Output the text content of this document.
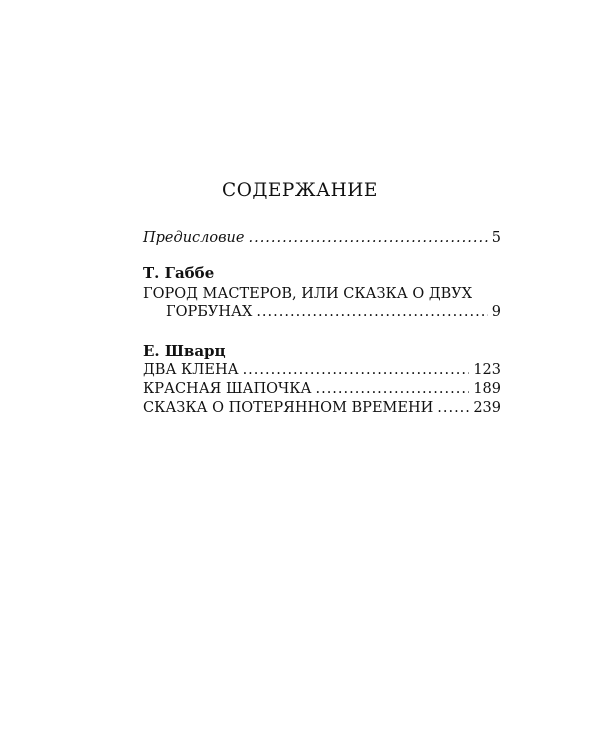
СОДЕРЖАНИЕ
Предисловие .....	5
Т. Габбе
ГОРОД МАСТЕРОВ, ИЛИ СКАЗКА О ДВУХ
ГОРБУНАХ .....	9
Е. Шварц
ДВА КЛЕНА .....	123
КРАСНАЯ ШАПОЧКА .....	189
СКАЗКА О ПОТЕРЯННОМ ВРЕМЕНИ .....	239
